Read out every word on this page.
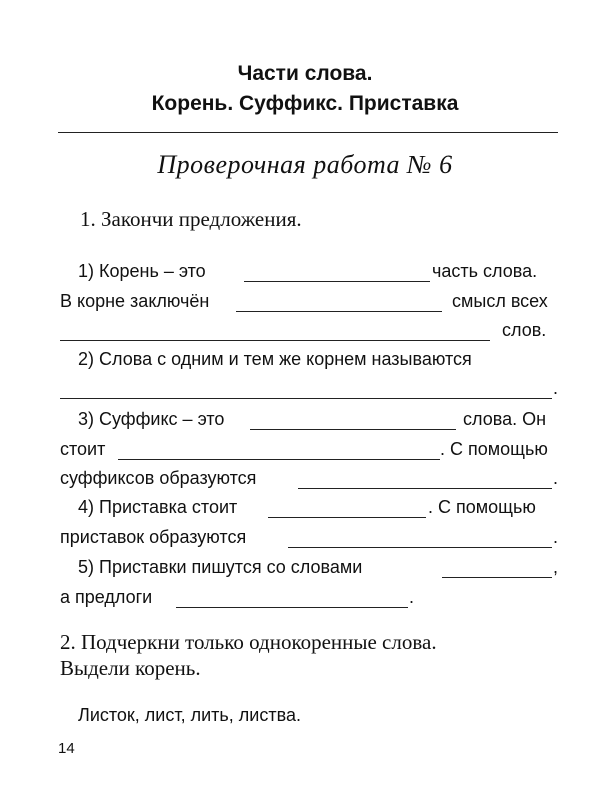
Части слова.
Корень. Суффикс. Приставка
Проверочная работа № 6
1. Закончи предложения.
1) Корень – это	часть слова.
В корне заключён	смысл всех
слов.
2) Слова с одним и тем же корнем называются
.
3) Суффикс – это	слова. Он
стоит	. С помощью
суффиксов образуются	.
4) Приставка стоит	. С помощью
приставок образуются	.
5) Приставки пишутся со словами	,
а предлоги	.
2. Подчеркни только однокоренные слова.
Выдели корень.
Листок, лист, лить, листва.
14
